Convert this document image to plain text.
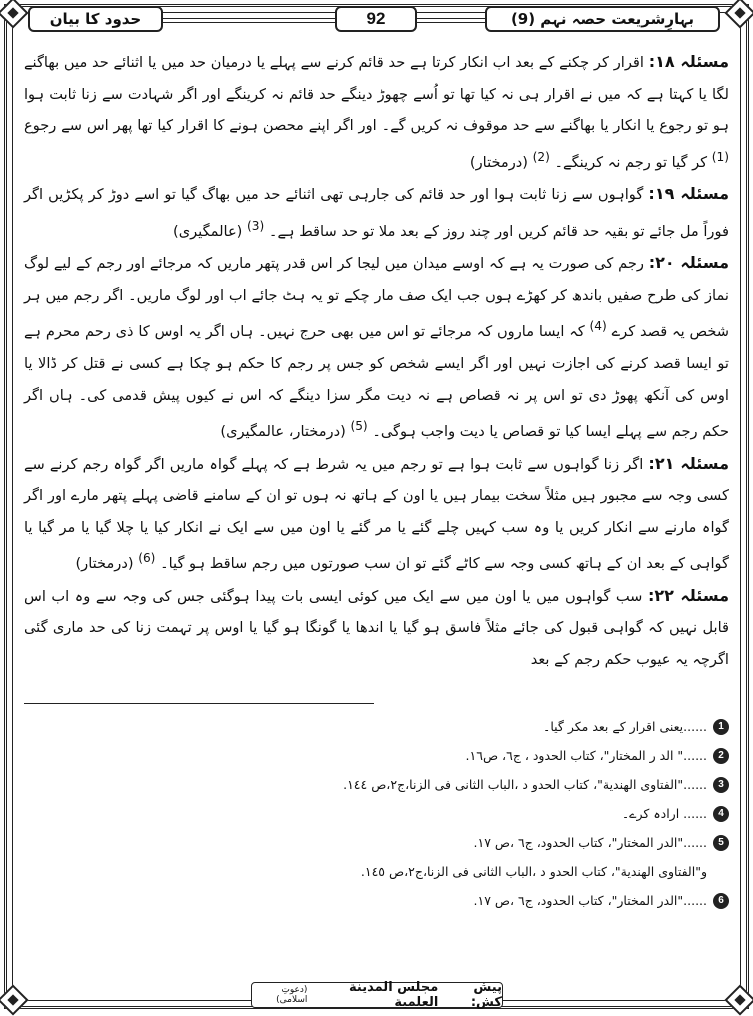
بہارِشریعت حصہ نہم (9)
92
حدود کا بیان

مسئلہ ۱۸: اقرار کر چکنے کے بعد اب انکار کرتا ہے حد قائم کرنے سے پہلے یا درمیان حد میں یا اثنائے حد میں بھاگنے لگا یا کہتا ہے کہ میں نے اقرار ہی نہ کیا تھا تو اُسے چھوڑ دینگے حد قائم نہ کرینگے اور اگر شہادت سے زنا ثابت ہوا ہو تو رجوع یا انکار یا بھاگنے سے حد موقوف نہ کریں گے۔ اور اگر اپنے محصن ہونے کا اقرار کیا تھا پھر اس سے رجوع $^{(1)}$ کر گیا تو رجم نہ کرینگے۔ $^{(2)}$ (درمختار)

مسئلہ ۱۹: گواہوں سے زنا ثابت ہوا اور حد قائم کی جارہی تھی اثنائے حد میں بھاگ گیا تو اسے دوڑ کر پکڑیں اگر فوراً مل جائے تو بقیہ حد قائم کریں اور چند روز کے بعد ملا تو حد ساقط ہے۔ $^{(3)}$ (عالمگیری)

مسئلہ ۲۰: رجم کی صورت یہ ہے کہ اوسے میدان میں لیجا کر اس قدر پتھر ماریں کہ مرجائے اور رجم کے لیے لوگ نماز کی طرح صفیں باندھ کر کھڑے ہوں جب ایک صف مار چکے تو یہ ہٹ جائے اب اور لوگ ماریں۔ اگر رجم میں ہر شخص یہ قصد کرے $^{(4)}$ کہ ایسا ماروں کہ مرجائے تو اس میں بھی حرج نہیں۔ ہاں اگر یہ اوس کا ذی رحم محرم ہے تو ایسا قصد کرنے کی اجازت نہیں اور اگر ایسے شخص کو جس پر رجم کا حکم ہو چکا ہے کسی نے قتل کر ڈالا یا اوس کی آنکھ پھوڑ دی تو اس پر نہ قصاص ہے نہ دیت مگر سزا دینگے کہ اس نے کیوں پیش قدمی کی۔ ہاں اگر حکم رجم سے پہلے ایسا کیا تو قصاص یا دیت واجب ہوگی۔ $^{(5)}$ (درمختار، عالمگیری)

مسئلہ ۲۱: اگر زنا گواہوں سے ثابت ہوا ہے تو رجم میں یہ شرط ہے کہ پہلے گواہ ماریں اگر گواہ رجم کرنے سے کسی وجہ سے مجبور ہیں مثلاً سخت بیمار ہیں یا اون کے ہاتھ نہ ہوں تو ان کے سامنے قاضی پہلے پتھر مارے اور اگر گواہ مارنے سے انکار کریں یا وہ سب کہیں چلے گئے یا مر گئے یا اون میں سے ایک نے انکار کیا یا چلا گیا یا مر گیا یا گواہی کے بعد ان کے ہاتھ کسی وجہ سے کاٹے گئے تو ان سب صورتوں میں رجم ساقط ہو گیا۔ $^{(6)}$ (درمختار)

مسئلہ ۲۲: سب گواہوں میں یا اون میں سے ایک میں کوئی ایسی بات پیدا ہوگئی جس کی وجہ سے وہ اب اس قابل نہیں کہ گواہی قبول کی جائے مثلاً فاسق ہو گیا یا اندھا یا گونگا ہو گیا یا اوس پر تہمت زنا کی حد ماری گئی اگرچہ یہ عیوب حکم رجم کے بعد

1
......یعنی اقرار کے بعد مکر گیا۔
2
......" الد ر المختار"، کتاب الحدود ، ج٦، ص١٦.
3
......"الفتاوی الهندية"، کتاب الحدو د ،الباب الثانی فی الزنا،ج٢،ص ١٤٤.
4
...... ارادہ کرے۔
5
......"الدر المختار"، کتاب الحدود، ج٦ ،ص ١٧.
و"الفتاوی الهندية"، کتاب الحدو د ،الباب الثانی فی الزنا،ج٢،ص ١٤٥.
6
......"الدر المختار"، کتاب الحدود، ج٦ ،ص ١٧.
پیش کش:

مجلس المدينة العلمية
(دعوتِ اسلامی)
